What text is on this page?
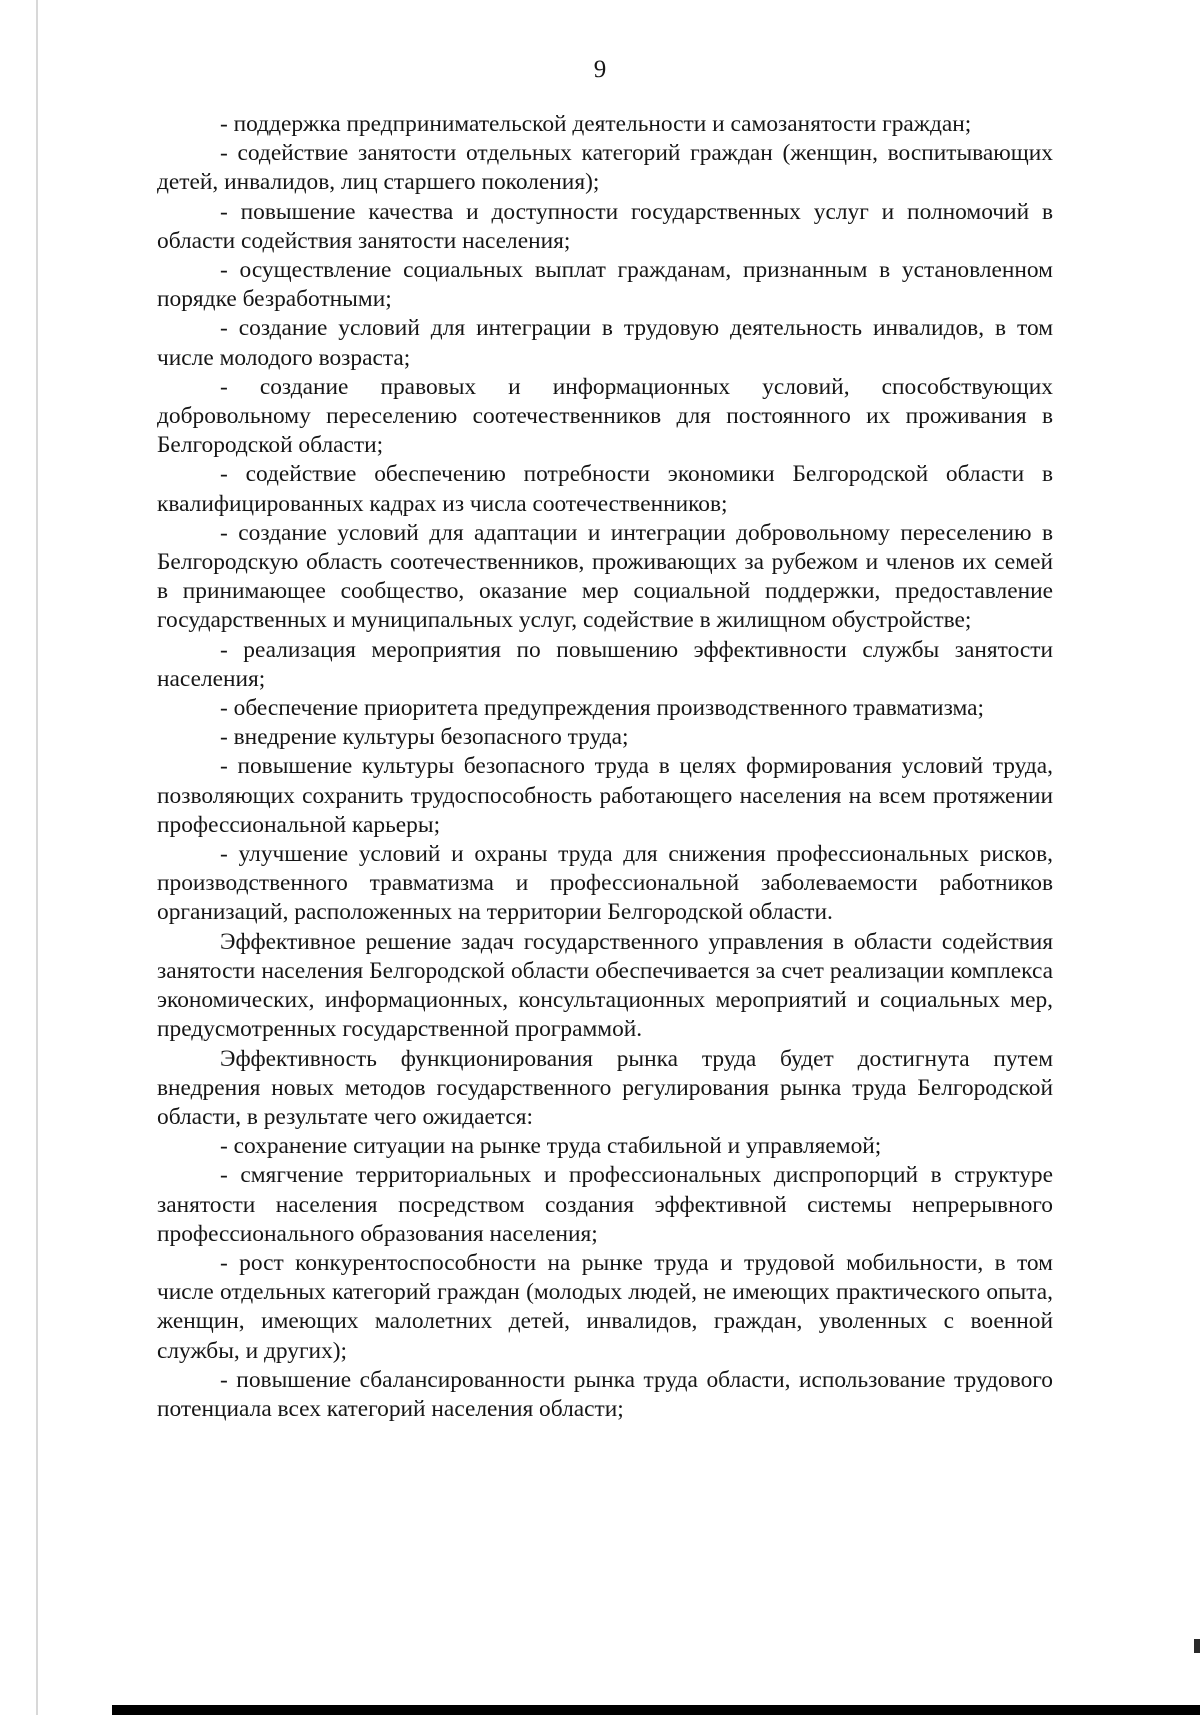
9

- поддержка предпринимательской деятельности и самозанятости граждан;

- содействие занятости отдельных категорий граждан (женщин, воспитывающих детей, инвалидов, лиц старшего поколения);

- повышение качества и доступности государственных услуг и полномочий в области содействия занятости населения;

- осуществление социальных выплат гражданам, признанным в установленном порядке безработными;

- создание условий для интеграции в трудовую деятельность инвалидов, в том числе молодого возраста;

- создание правовых и информационных условий, способствующих добровольному переселению соотечественников для постоянного их проживания в Белгородской области;

- содействие обеспечению потребности экономики Белгородской области в квалифицированных кадрах из числа соотечественников;

- создание условий для адаптации и интеграции добровольному переселению в Белгородскую область соотечественников, проживающих за рубежом и членов их семей в принимающее сообщество, оказание мер социальной поддержки, предоставление государственных и муниципальных услуг, содействие в жилищном обустройстве;

- реализация мероприятия по повышению эффективности службы занятости населения;

- обеспечение приоритета предупреждения производственного травматизма;

- внедрение культуры безопасного труда;

- повышение культуры безопасного труда в целях формирования условий труда, позволяющих сохранить трудоспособность работающего населения на всем протяжении профессиональной карьеры;

- улучшение условий и охраны труда для снижения профессиональных рисков, производственного травматизма и профессиональной заболеваемости работников организаций, расположенных на территории Белгородской области.

Эффективное решение задач государственного управления в области содействия занятости населения Белгородской области обеспечивается за счет реализации комплекса экономических, информационных, консультационных мероприятий и социальных мер, предусмотренных государственной программой.

Эффективность функционирования рынка труда будет достигнута путем внедрения новых методов государственного регулирования рынка труда Белгородской области, в результате чего ожидается:

- сохранение ситуации на рынке труда стабильной и управляемой;

- смягчение территориальных и профессиональных диспропорций в структуре занятости населения посредством создания эффективной системы непрерывного профессионального образования населения;

- рост конкурентоспособности на рынке труда и трудовой мобильности, в том числе отдельных категорий граждан (молодых людей, не имеющих практического опыта, женщин, имеющих малолетних детей, инвалидов, граждан, уволенных с военной службы, и других);

- повышение сбалансированности рынка труда области, использование трудового потенциала всех категорий населения области;
